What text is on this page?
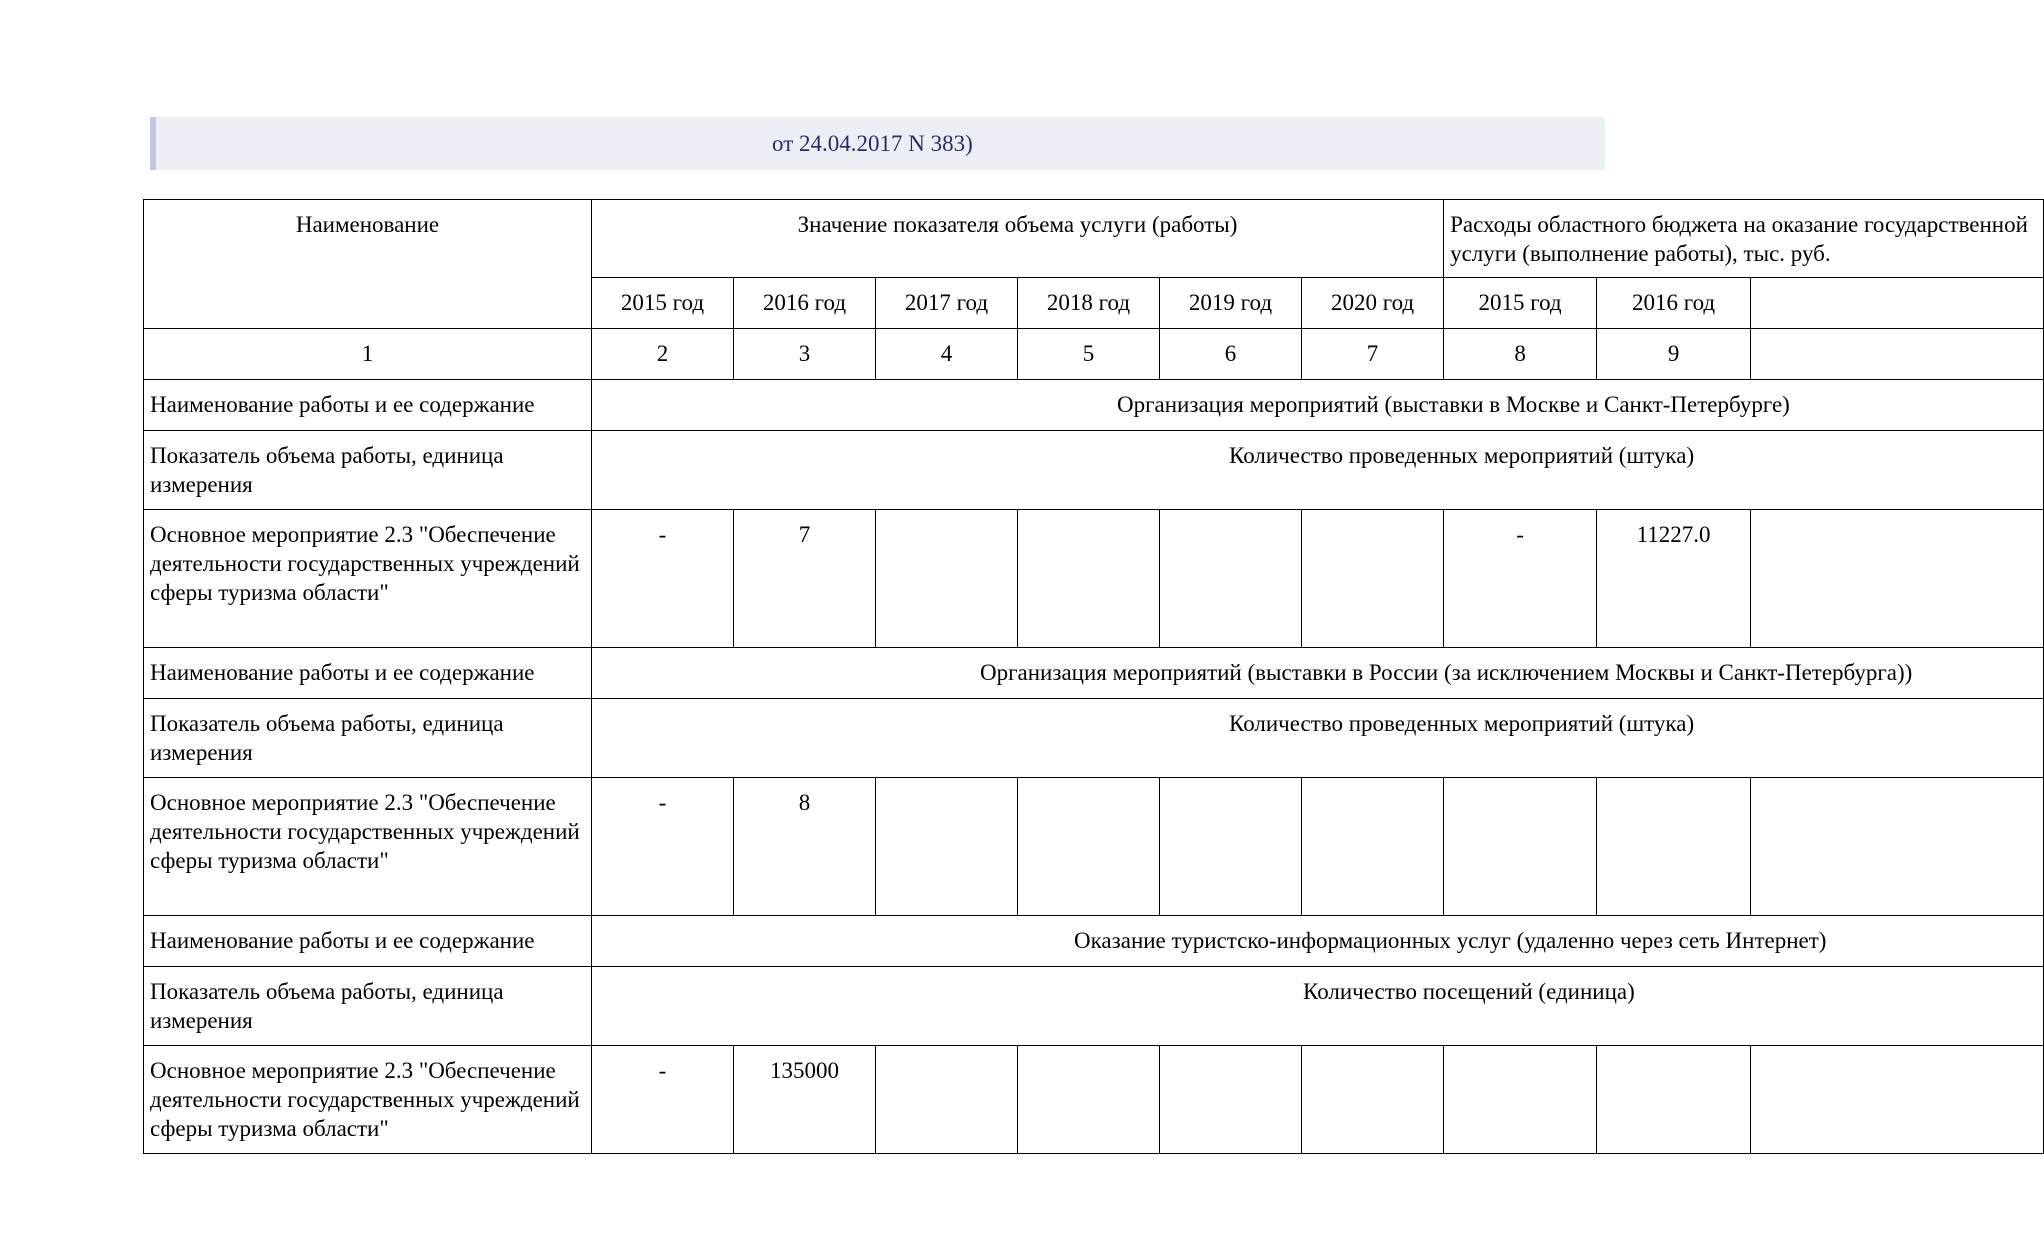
от 24.04.2017 N 383)
Наименование	Значение показателя объема услуги (работы)						Расходы областного бюджета на оказание государственной услуги (выполнение работы), тыс. руб.		
	2015 год	2016 год	2017 год	2018 год	2019 год	2020 год	2015 год	2016 год	
1	2	3	4	5	6	7	8	9	
Наименование работы и ее содержание	Организация мероприятий (выставки в Москве и Санкт-Петербурге)								
Показатель объема работы, единица измерения	Количество проведенных мероприятий (штука)								
Основное мероприятие 2.3 "Обеспечение деятельности государственных учреждений сферы туризма области"	-	7					-	11227.0	
Наименование работы и ее содержание	Организация мероприятий (выставки в России (за исключением Москвы и Санкт-Петербурга))								
Показатель объема работы, единица измерения	Количество проведенных мероприятий (штука)								
Основное мероприятие 2.3 "Обеспечение деятельности государственных учреждений сферы туризма области"	-	8							
Наименование работы и ее содержание	Оказание туристско-информационных услуг (удаленно через сеть Интернет)								
Показатель объема работы, единица измерения	Количество посещений (единица)								
Основное мероприятие 2.3 "Обеспечение деятельности государственных учреждений сферы туризма области"	-	135000							
